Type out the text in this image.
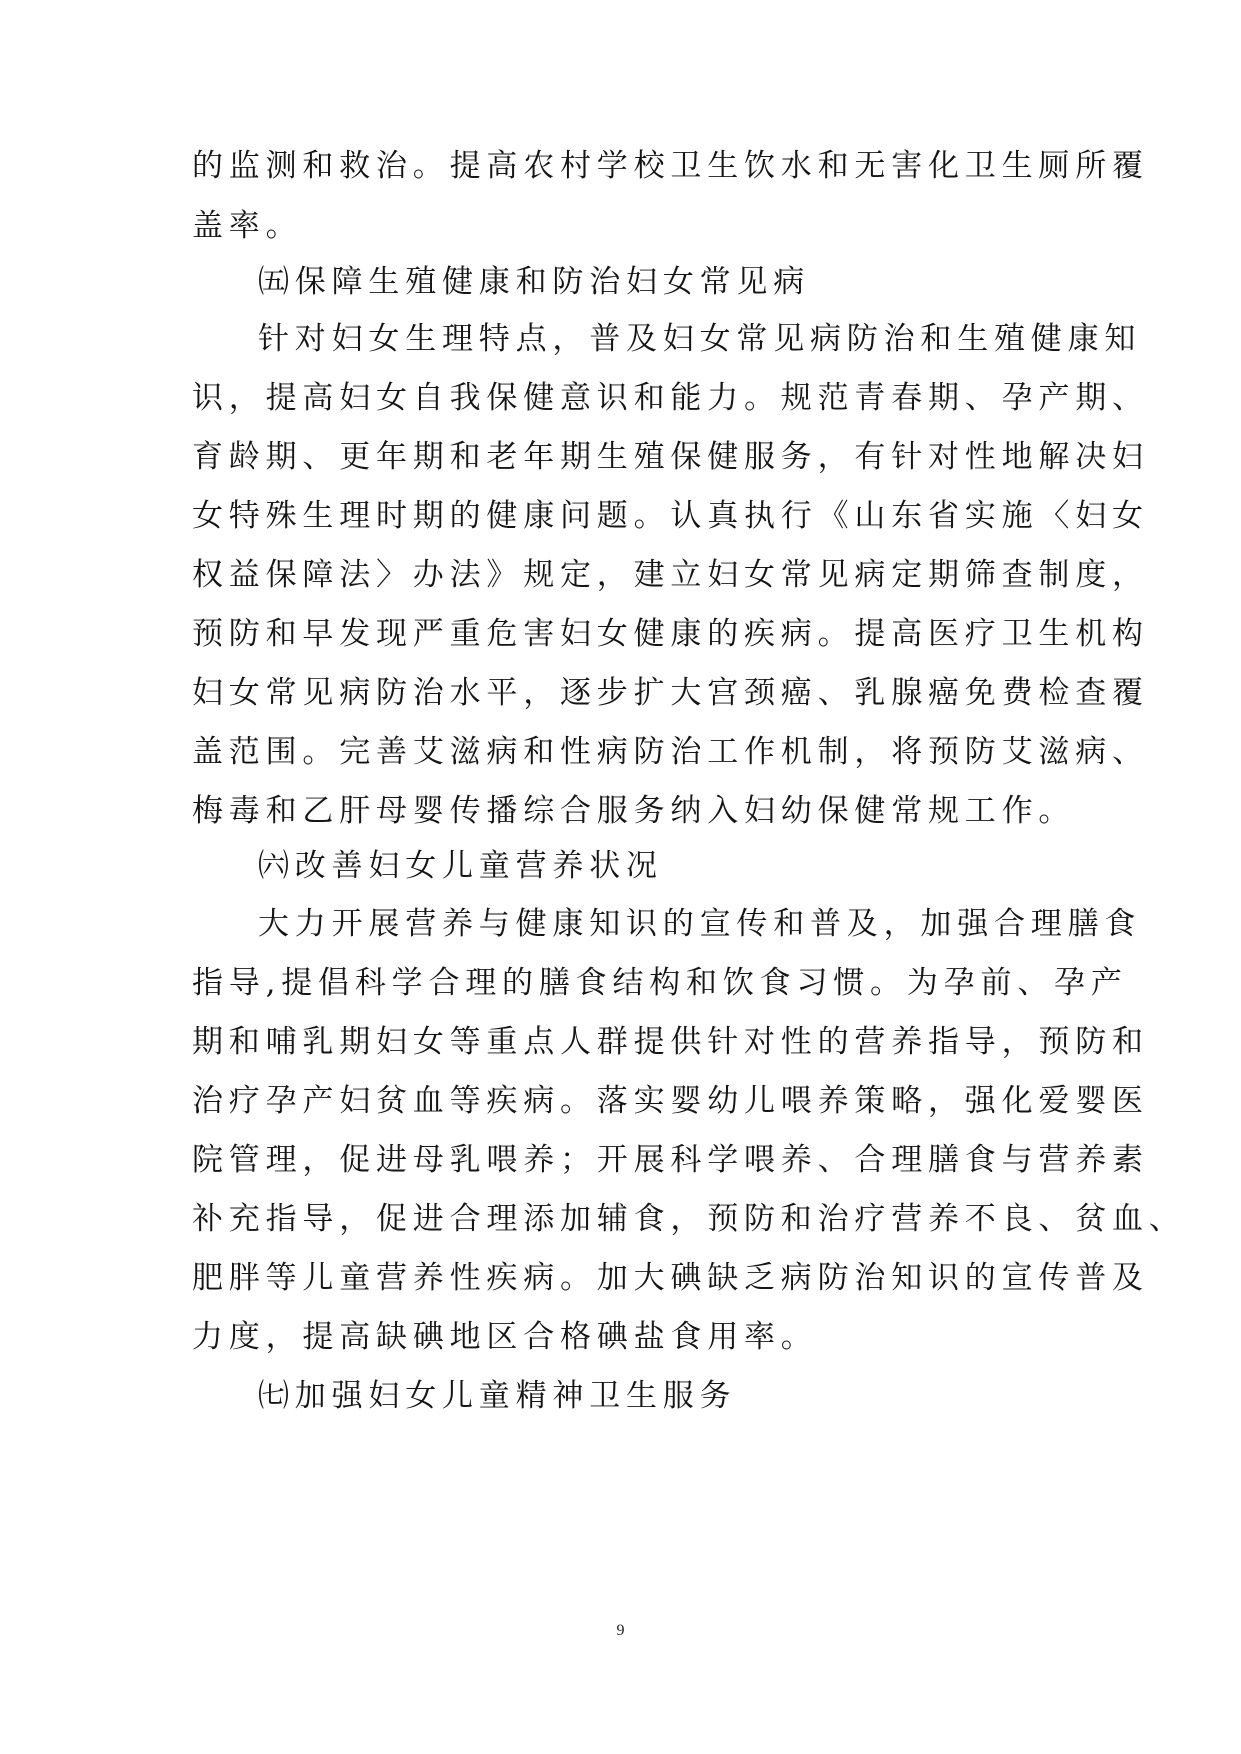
的监测和救治。提高农村学校卫生饮水和无害化卫生厕所覆
盖率。
㈤保障生殖健康和防治妇女常见病
针对妇女生理特点，普及妇女常见病防治和生殖健康知
识，提高妇女自我保健意识和能力。规范青春期、孕产期、
育龄期、更年期和老年期生殖保健服务，有针对性地解决妇
女特殊生理时期的健康问题。认真执行《山东省实施〈妇女
权益保障法〉办法》规定，建立妇女常见病定期筛查制度，
预防和早发现严重危害妇女健康的疾病。提高医疗卫生机构
妇女常见病防治水平，逐步扩大宫颈癌、乳腺癌免费检查覆
盖范围。完善艾滋病和性病防治工作机制，将预防艾滋病、
梅毒和乙肝母婴传播综合服务纳入妇幼保健常规工作。
㈥改善妇女儿童营养状况
大力开展营养与健康知识的宣传和普及，加强合理膳食
指导,提倡科学合理的膳食结构和饮食习惯。为孕前、孕产
期和哺乳期妇女等重点人群提供针对性的营养指导，预防和
治疗孕产妇贫血等疾病。落实婴幼儿喂养策略，强化爱婴医
院管理，促进母乳喂养；开展科学喂养、合理膳食与营养素
补充指导，促进合理添加辅食，预防和治疗营养不良、贫血、
肥胖等儿童营养性疾病。加大碘缺乏病防治知识的宣传普及
力度，提高缺碘地区合格碘盐食用率。
㈦加强妇女儿童精神卫生服务
9
